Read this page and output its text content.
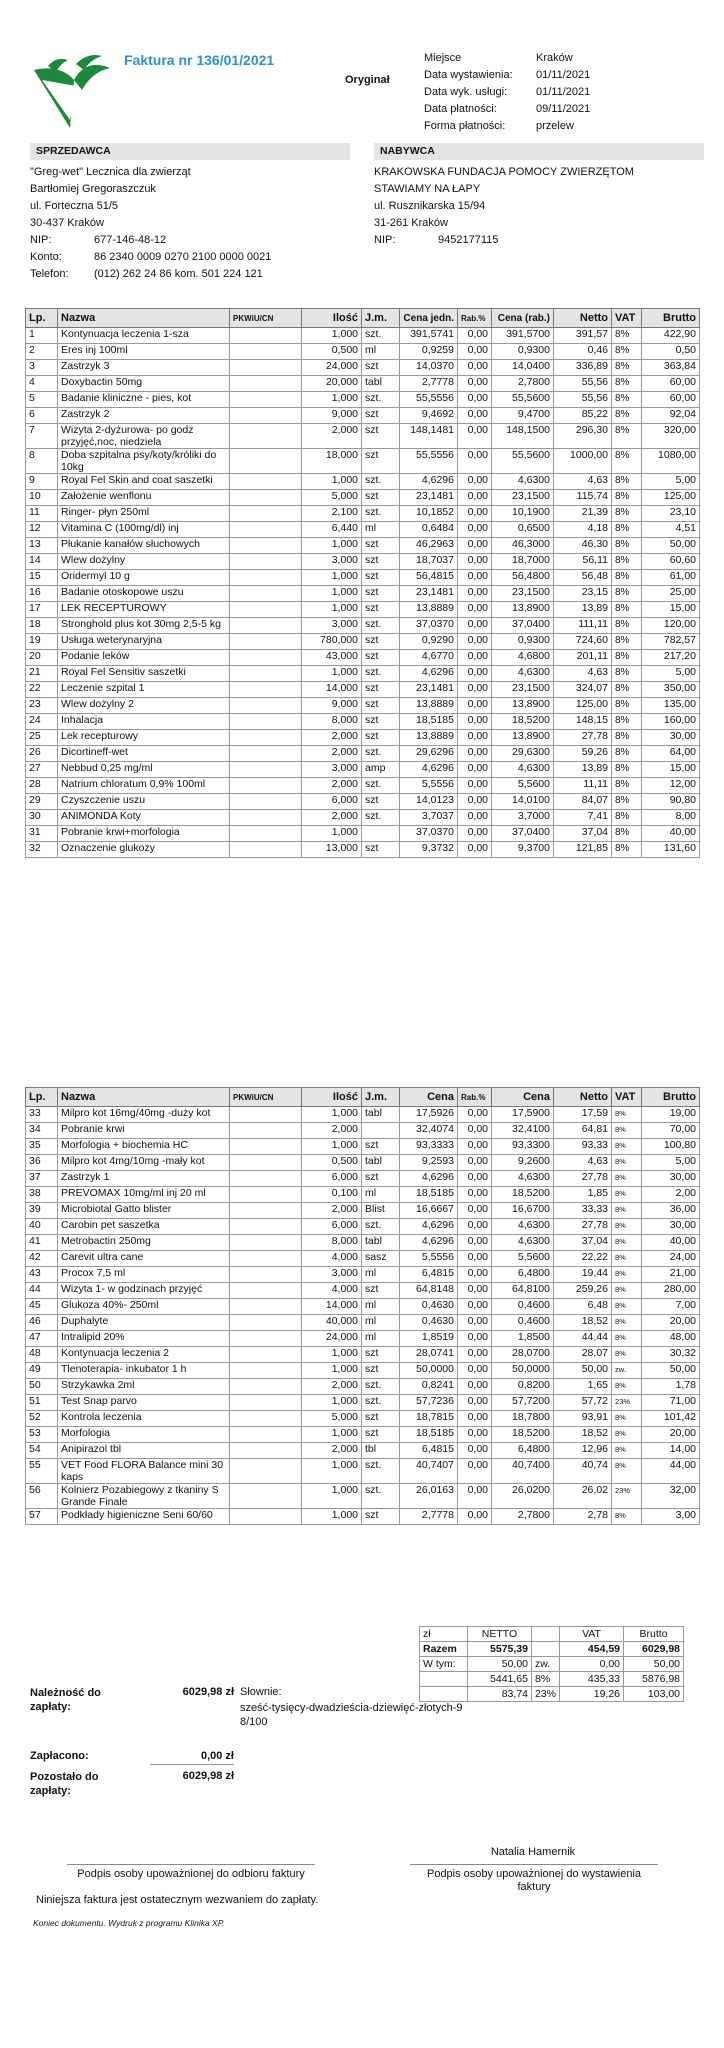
Faktura nr 136/01/2021
Oryginał
Miejsce	Kraków
Data wystawienia:	01/11/2021
Data wyk. usługi:	01/11/2021
Data płatności:	09/11/2021
Forma płatności:	przelew
SPRZEDAWCA
"Greg-wet" Lecznica dla zwierząt
Bartłomiej Gregoraszczuk
ul. Forteczna 51/5
30-437 Kraków
NIP:	677-146-48-12
Konto:	86 2340 0009 0270 2100 0000 0021
Telefon:	(012) 262 24 86 kom. 501 224 121
NABYWCA
KRAKOWSKA FUNDACJA POMOCY ZWIERZĘTOM
STAWIAMY NA ŁAPY
ul. Rusznikarska 15/94
31-261 Kraków
NIP:	9452177115
Lp.	Nazwa	PKWiU/CN	Ilość	J.m.	Cena jedn.	Rab.%	Cena (rab.)	Netto	VAT	Brutto
1	Kontynuacja leczenia 1-sza		1,000	szt.	391,5741	0,00	391,5700	391,57	8%	422,90
2	Eres inj 100ml		0,500	ml	0,9259	0,00	0,9300	0,46	8%	0,50
3	Zastrzyk 3		24,000	szt	14,0370	0,00	14,0400	336,89	8%	363,84
4	Doxybactin 50mg		20,000	tabl	2,7778	0,00	2,7800	55,56	8%	60,00
5	Badanie kliniczne - pies, kot		1,000	szt.	55,5556	0,00	55,5600	55,56	8%	60,00
6	Zastrzyk 2		9,000	szt	9,4692	0,00	9,4700	85,22	8%	92,04
7	Wizyta 2-dyżurowa- po godz przyjęć,noc, niedziela		2,000	szt	148,1481	0,00	148,1500	296,30	8%	320,00
8	Doba szpitalna psy/koty/króliki do 10kg		18,000	szt	55,5556	0,00	55,5600	1000,00	8%	1080,00
9	Royal Fel Skin and coat saszetki		1,000	szt.	4,6296	0,00	4,6300	4,63	8%	5,00
10	Założenie wenflonu		5,000	szt	23,1481	0,00	23,1500	115,74	8%	125,00
11	Ringer- płyn 250ml		2,100	szt.	10,1852	0,00	10,1900	21,39	8%	23,10
12	Vitamina C (100mg/dl) inj		6,440	ml	0,6484	0,00	0,6500	4,18	8%	4,51
13	Płukanie kanałów słuchowych		1,000	szt	46,2963	0,00	46,3000	46,30	8%	50,00
14	Wlew dożylny		3,000	szt	18,7037	0,00	18,7000	56,11	8%	60,60
15	Oridermyl 10 g		1,000	szt	56,4815	0,00	56,4800	56,48	8%	61,00
16	Badanie otoskopowe uszu		1,000	szt	23,1481	0,00	23,1500	23,15	8%	25,00
17	LEK RECEPTUROWY		1,000	szt	13,8889	0,00	13,8900	13,89	8%	15,00
18	Stronghold plus kot 30mg 2,5-5 kg		3,000	szt.	37,0370	0,00	37,0400	111,11	8%	120,00
19	Usługa weterynaryjna		780,000	szt	0,9290	0,00	0,9300	724,60	8%	782,57
20	Podanie leków		43,000	szt	4,6770	0,00	4,6800	201,11	8%	217,20
21	Royal Fel Sensitiv saszetki		1,000	szt.	4,6296	0,00	4,6300	4,63	8%	5,00
22	Leczenie szpital 1		14,000	szt	23,1481	0,00	23,1500	324,07	8%	350,00
23	Wlew dożylny 2		9,000	szt	13,8889	0,00	13,8900	125,00	8%	135,00
24	Inhalacja		8,000	szt	18,5185	0,00	18,5200	148,15	8%	160,00
25	Lek recepturowy		2,000	szt	13,8889	0,00	13,8900	27,78	8%	30,00
26	Dicortineff-wet		2,000	szt.	29,6296	0,00	29,6300	59,26	8%	64,00
27	Nebbud 0,25 mg/ml		3,000	amp	4,6296	0,00	4,6300	13,89	8%	15,00
28	Natrium chloratum 0,9% 100ml		2,000	szt.	5,5556	0,00	5,5600	11,11	8%	12,00
29	Czyszczenie uszu		6,000	szt	14,0123	0,00	14,0100	84,07	8%	90,80
30	ANIMONDA Koty		2,000	szt.	3,7037	0,00	3,7000	7,41	8%	8,00
31	Pobranie krwi+morfologia		1,000		37,0370	0,00	37,0400	37,04	8%	40,00
32	Oznaczenie glukozy		13,000	szt	9,3732	0,00	9,3700	121,85	8%	131,60
Lp.	Nazwa	PKWiU/CN	Ilość	J.m.	Cena	Rab.%	Cena	Netto	VAT	Brutto
33	Milpro kot 16mg/40mg -duży kot		1,000	tabl	17,5926	0,00	17,5900	17,59	8%	19,00
34	Pobranie krwi		2,000		32,4074	0,00	32,4100	64,81	8%	70,00
35	Morfologia + biochemia HC		1,000	szt	93,3333	0,00	93,3300	93,33	8%	100,80
36	Milpro kot 4mg/10mg -mały kot		0,500	tabl	9,2593	0,00	9,2600	4,63	8%	5,00
37	Zastrzyk 1		6,000	szt	4,6296	0,00	4,6300	27,78	8%	30,00
38	PREVOMAX 10mg/ml inj 20 ml		0,100	ml	18,5185	0,00	18,5200	1,85	8%	2,00
39	Microbiotal Gatto blister		2,000	Blist	16,6667	0,00	16,6700	33,33	8%	36,00
40	Carobin pet saszetka		6,000	szt.	4,6296	0,00	4,6300	27,78	8%	30,00
41	Metrobactin 250mg		8,000	tabl	4,6296	0,00	4,6300	37,04	8%	40,00
42	Carevit ultra cane		4,000	sasz	5,5556	0,00	5,5600	22,22	8%	24,00
43	Procox 7,5 ml		3,000	ml	6,4815	0,00	6,4800	19,44	8%	21,00
44	Wizyta 1- w godzinach przyjęć		4,000	szt	64,8148	0,00	64,8100	259,26	8%	280,00
45	Glukoza 40%- 250ml		14,000	ml	0,4630	0,00	0,4600	6,48	8%	7,00
46	Duphalyte		40,000	ml	0,4630	0,00	0,4600	18,52	8%	20,00
47	Intralipid 20%		24,000	ml	1,8519	0,00	1,8500	44,44	8%	48,00
48	Kontynuacja leczenia 2		1,000	szt	28,0741	0,00	28,0700	28,07	8%	30,32
49	Tlenoterapia- inkubator 1 h		1,000	szt	50,0000	0,00	50,0000	50,00	zw.	50,00
50	Strzykawka 2ml		2,000	szt.	0,8241	0,00	0,8200	1,65	8%	1,78
51	Test Snap parvo		1,000	szt.	57,7236	0,00	57,7200	57,72	23%	71,00
52	Kontrola leczenia		5,000	szt	18,7815	0,00	18,7800	93,91	8%	101,42
53	Morfologia		1,000	szt	18,5185	0,00	18,5200	18,52	8%	20,00
54	Anipirazol tbl		2,000	tbl	6,4815	0,00	6,4800	12,96	8%	14,00
55	VET Food FLORA Balance mini 30 kaps		1,000	szt.	40,7407	0,00	40,7400	40,74	8%	44,00
56	Kolnierz Pozabiegowy z tkaniny S Grande Finale		1,000	szt.	26,0163	0,00	26,0200	26,02	23%	32,00
57	Podkłady higieniczne Seni 60/60		1,000	szt	2,7778	0,00	2,7800	2,78	8%	3,00
zł	NETTO		VAT	Brutto
Razem	5575,39		454,59	6029,98
W tym:	50,00	zw.	0,00	50,00
	5441,65	8%	435,33	5876,98
	83,74	23%	19,26	103,00
Należność do zapłaty:
6029,98 zł Słownie:
sześć-tysięcy-dwadzieścia-dziewięć-złotych-98/100
Zapłacono:	0,00 zł
Pozostało do zapłaty:
6029,98 zł
Natalia Hamernik
Podpis osoby upoważnionej do odbioru faktury	Podpis osoby upoważnionej do wystawienia faktury
Niniejsza faktura jest ostatecznym wezwaniem do zapłaty.
Koniec dokumentu. Wydruk z programu Klinika XP.
